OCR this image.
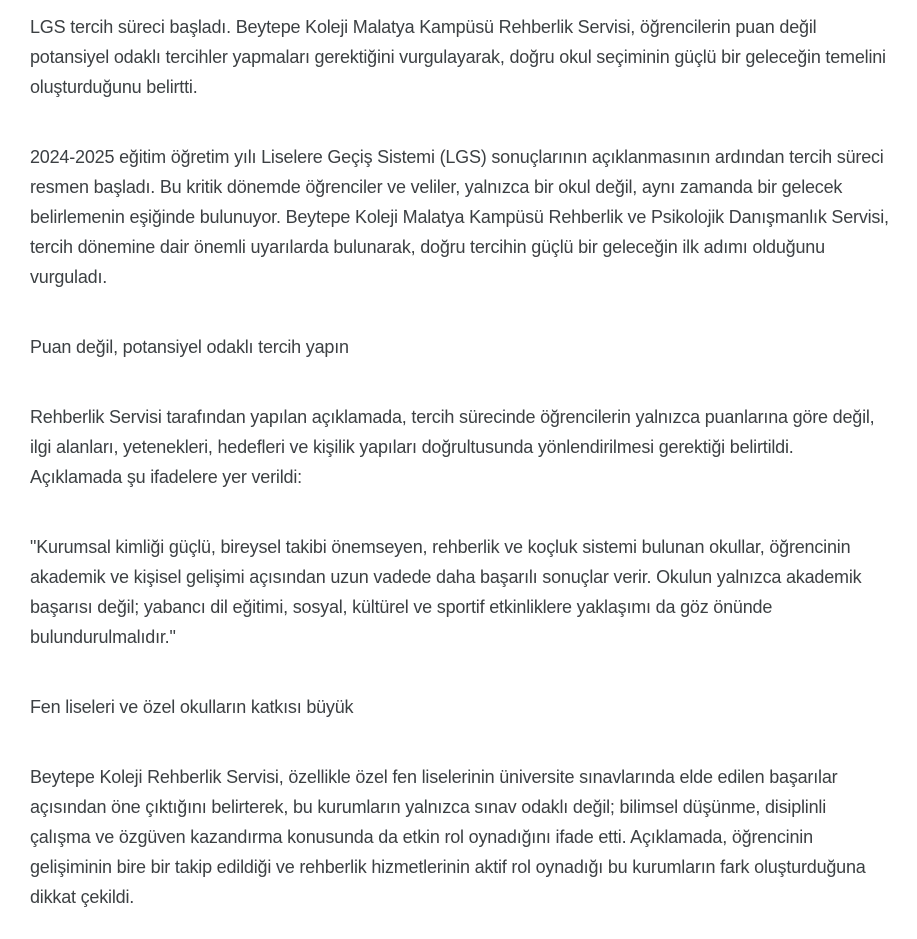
LGS tercih süreci başladı. Beytepe Koleji Malatya Kampüsü Rehberlik Servisi, öğrencilerin puan değil potansiyel odaklı tercihler yapmaları gerektiğini vurgulayarak, doğru okul seçiminin güçlü bir geleceğin temelini oluşturduğunu belirtti.

2024-2025 eğitim öğretim yılı Liselere Geçiş Sistemi (LGS) sonuçlarının açıklanmasının ardından tercih süreci resmen başladı. Bu kritik dönemde öğrenciler ve veliler, yalnızca bir okul değil, aynı zamanda bir gelecek belirlemenin eşiğinde bulunuyor. Beytepe Koleji Malatya Kampüsü Rehberlik ve Psikolojik Danışmanlık Servisi, tercih dönemine dair önemli uyarılarda bulunarak, doğru tercihin güçlü bir geleceğin ilk adımı olduğunu vurguladı.

Puan değil, potansiyel odaklı tercih yapın

Rehberlik Servisi tarafından yapılan açıklamada, tercih sürecinde öğrencilerin yalnızca puanlarına göre değil, ilgi alanları, yetenekleri, hedefleri ve kişilik yapıları doğrultusunda yönlendirilmesi gerektiği belirtildi. Açıklamada şu ifadelere yer verildi:

"Kurumsal kimliği güçlü, bireysel takibi önemseyen, rehberlik ve koçluk sistemi bulunan okullar, öğrencinin akademik ve kişisel gelişimi açısından uzun vadede daha başarılı sonuçlar verir. Okulun yalnızca akademik başarısı değil; yabancı dil eğitimi, sosyal, kültürel ve sportif etkinliklere yaklaşımı da göz önünde bulundurulmalıdır."

Fen liseleri ve özel okulların katkısı büyük

Beytepe Koleji Rehberlik Servisi, özellikle özel fen liselerinin üniversite sınavlarında elde edilen başarılar açısından öne çıktığını belirterek, bu kurumların yalnızca sınav odaklı değil; bilimsel düşünme, disiplinli çalışma ve özgüven kazandırma konusunda da etkin rol oynadığını ifade etti. Açıklamada, öğrencinin gelişiminin bire bir takip edildiği ve rehberlik hizmetlerinin aktif rol oynadığı bu kurumların fark oluşturduğuna dikkat çekildi.
